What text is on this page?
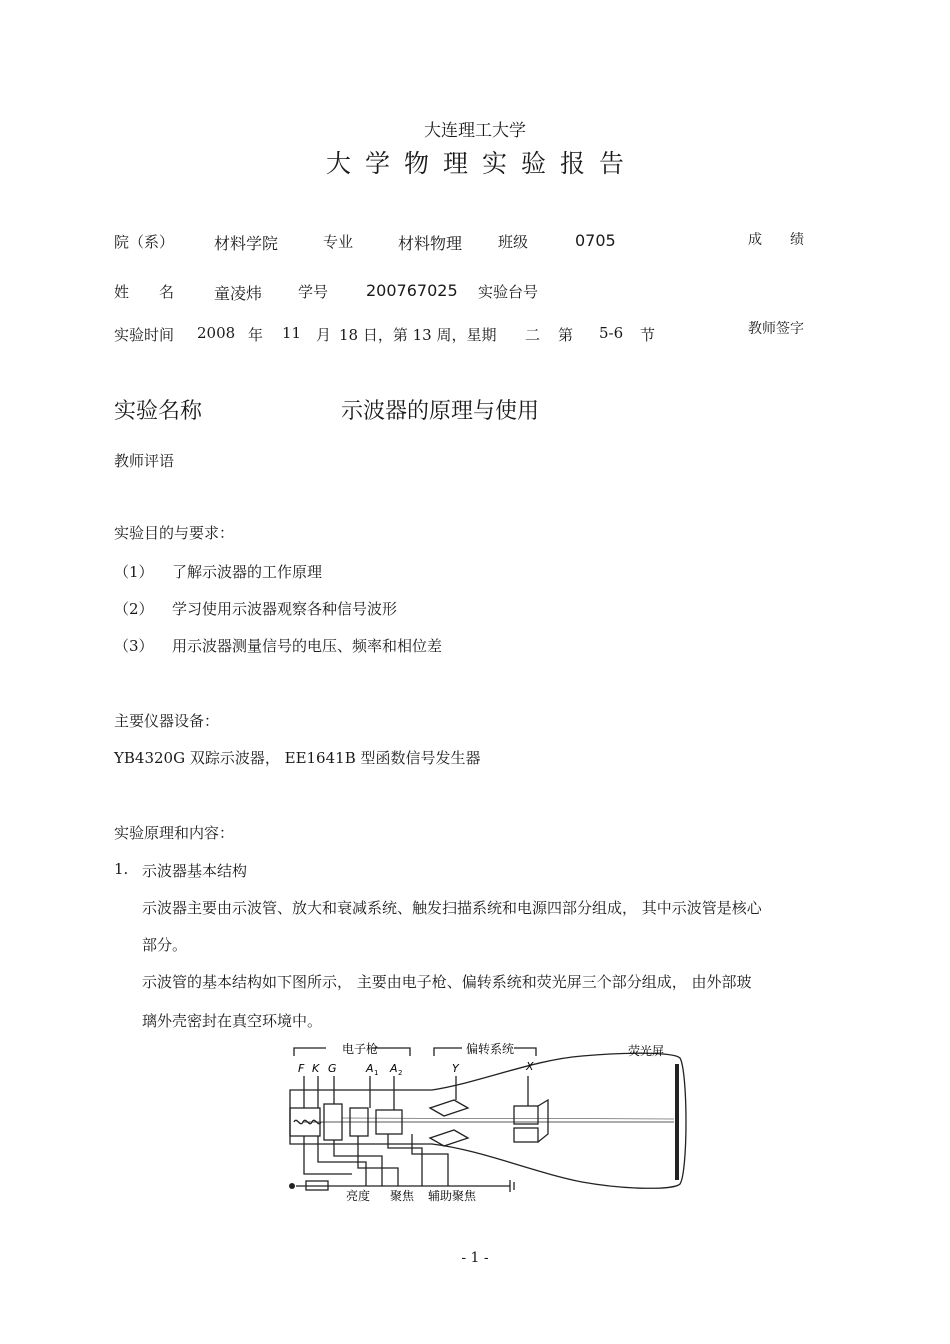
大连理工大学
大学物理实验报告
院（系） 材料学院	专业	材料物理 班级	0705	成　　绩
姓　　名 童凌炜 学号 200767025 实验台号
实验时间 2008 年 11 月 18 日，第 13 周，星期 二 第 5-6 节	教师签字
实验名称	示波器的原理与使用
教师评语
实验目的与要求：
（1） 了解示波器的工作原理
（2） 学习使用示波器观察各种信号波形
（3） 用示波器测量信号的电压、频率和相位差
主要仪器设备：
YB4320G 双踪示波器， EE1641B 型函数信号发生器
实验原理和内容：
1. 示波器基本结构
示波器主要由示波管、放大和衰减系统、触发扫描系统和电源四部分组成， 其中示波管是核心
部分。
示波管的基本结构如下图所示， 主要由电子枪、偏转系统和荧光屏三个部分组成， 由外部玻
璃外壳密封在真空环境中。
电子枪	偏转系统	荧光屏
F K G	A 1 A 2	Y	X
亮度 聚焦 辅助聚焦
- 1 -
